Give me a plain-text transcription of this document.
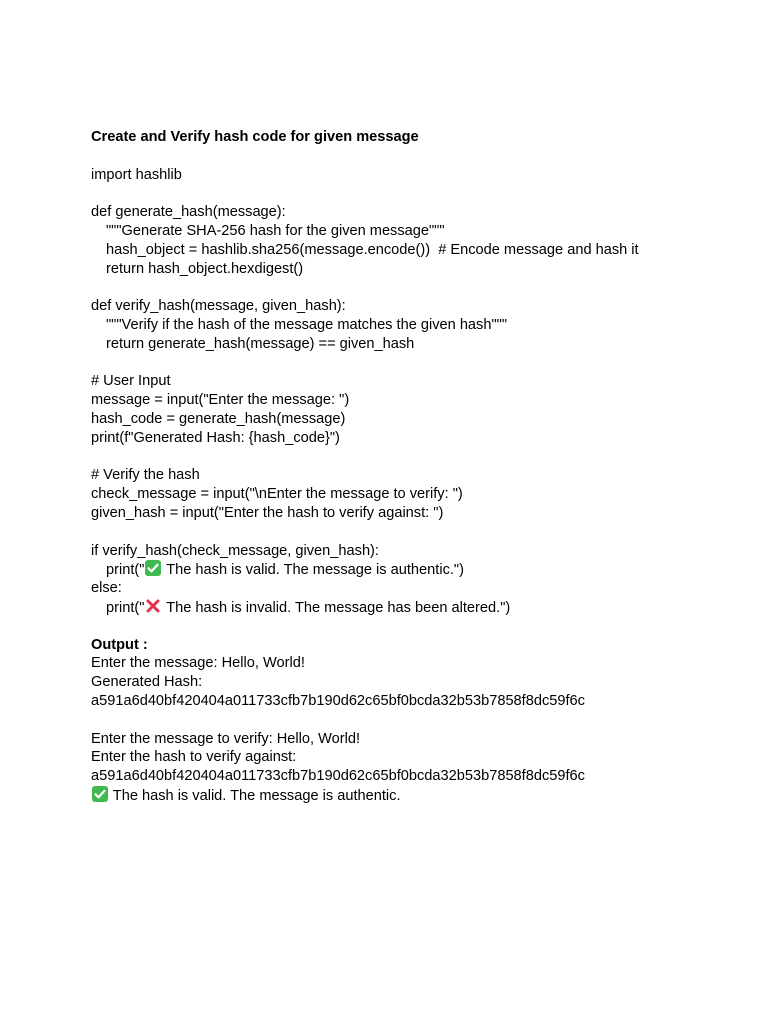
Create and Verify hash code for given message
import hashlib
def generate_hash(message):
"""Generate SHA-256 hash for the given message"""
hash_object = hashlib.sha256(message.encode())  # Encode message and hash it
return hash_object.hexdigest()
def verify_hash(message, given_hash):
"""Verify if the hash of the message matches the given hash"""
return generate_hash(message) == given_hash
# User Input
message = input("Enter the message: ")
hash_code = generate_hash(message)
print(f"Generated Hash: {hash_code}")
# Verify the hash
check_message = input("\nEnter the message to verify: ")
given_hash = input("Enter the hash to verify against: ")
if verify_hash(check_message, given_hash):
print("
The hash is valid. The message is authentic.")
else:
print("
The hash is invalid. The message has been altered.")
Output :
Enter the message: Hello, World!
Generated Hash:
a591a6d40bf420404a011733cfb7b190d62c65bf0bcda32b53b7858f8dc59f6c
Enter the message to verify: Hello, World!
Enter the hash to verify against:
a591a6d40bf420404a011733cfb7b190d62c65bf0bcda32b53b7858f8dc59f6c
The hash is valid. The message is authentic.
